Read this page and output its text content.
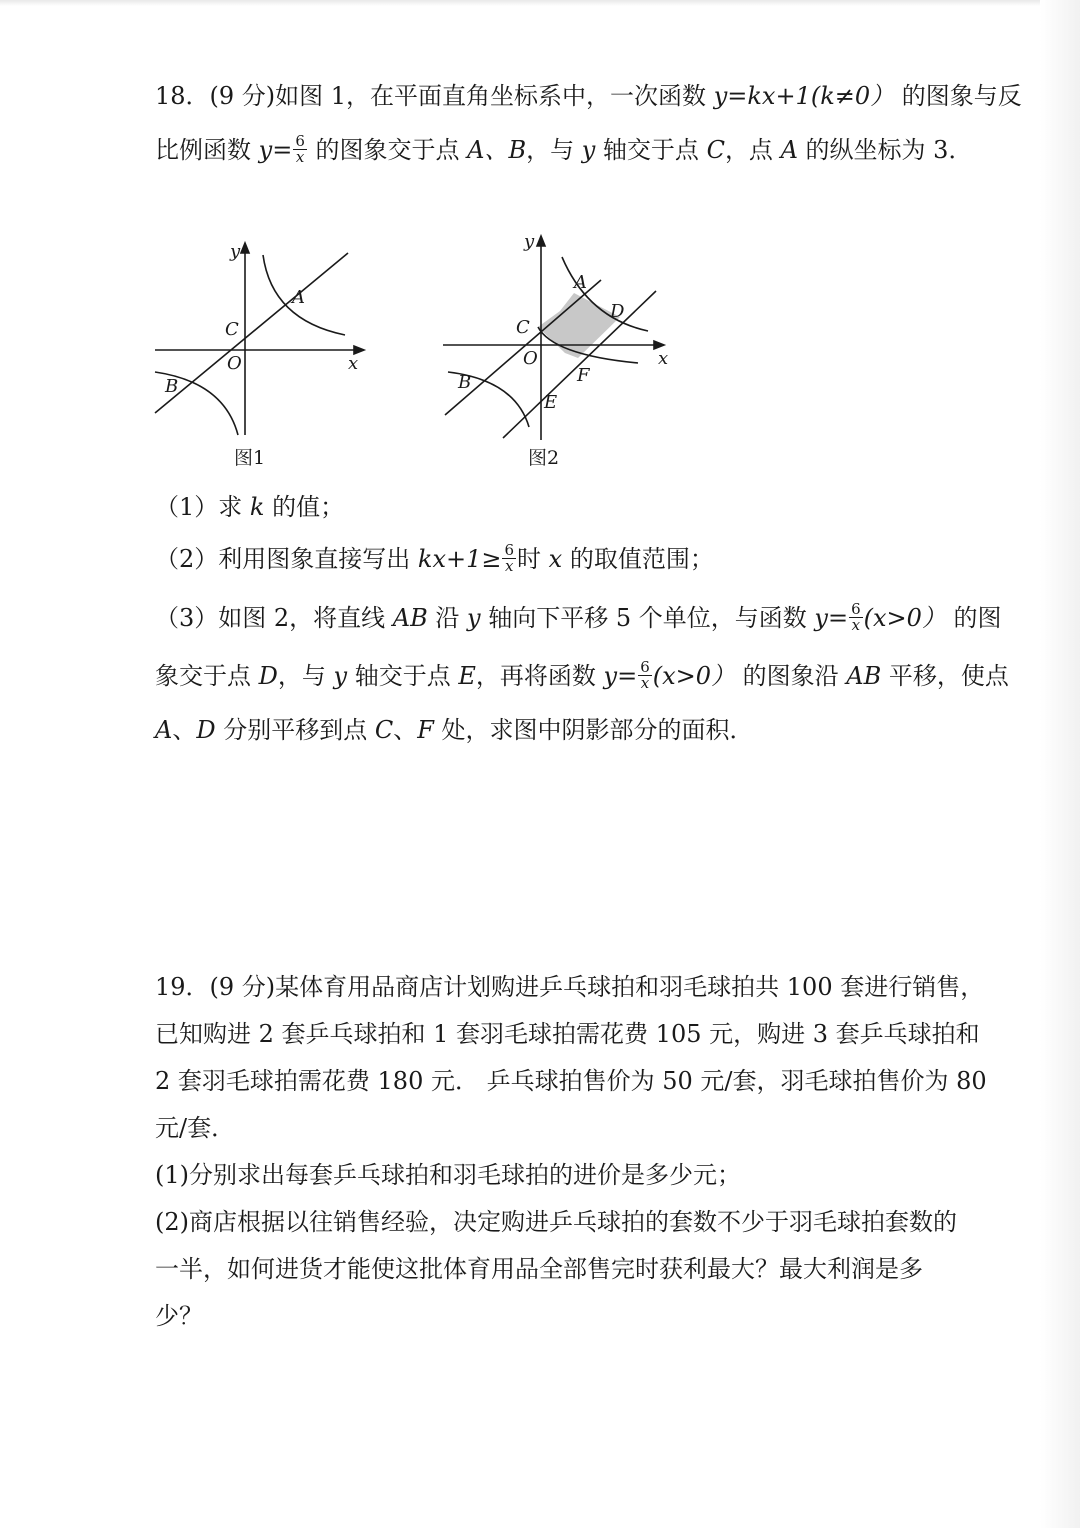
18．(9 分)如图 1，在平面直角坐标系中，一次函数 y=kx+1(k≠0） 的图象与反
比例函数 $y= \frac{6}{x}$ 的图象交于点 A、B，与 y 轴交于点 C，点 A 的纵坐标为 3．
y
x
O
C
A
B
图1
y
x
O
C
A
D
F
E
B
图2
（1）求 k 的值；
（2）利用图象直接写出 $kx+1\ge \frac{6}{x}$ 时 x 的取值范围；
（3）如图 2，将直线 AB 沿 y 轴向下平移 5 个单位，与函数 $y= \frac{6}{x} (x>0)$ 的图
象交于点 D，与 y 轴交于点 E，再将函数 $y= \frac{6}{x} (x>0)$ 的图象沿 AB 平移，使点
A、D 分别平移到点 C、F 处，求图中阴影部分的面积．
19．(9 分)某体育用品商店计划购进乒乓球拍和羽毛球拍共 100 套进行销售，
已知购进 2 套乒乓球拍和 1 套羽毛球拍需花费 105 元，购进 3 套乒乓球拍和
2 套羽毛球拍需花费 180 元． 乒乓球拍售价为 50 元/套，羽毛球拍售价为 80
元/套．
(1)分别求出每套乒乓球拍和羽毛球拍的进价是多少元；
(2)商店根据以往销售经验，决定购进乒乓球拍的套数不少于羽毛球拍套数的
一半，如何进货才能使这批体育用品全部售完时获利最大？最大利润是多
少？
